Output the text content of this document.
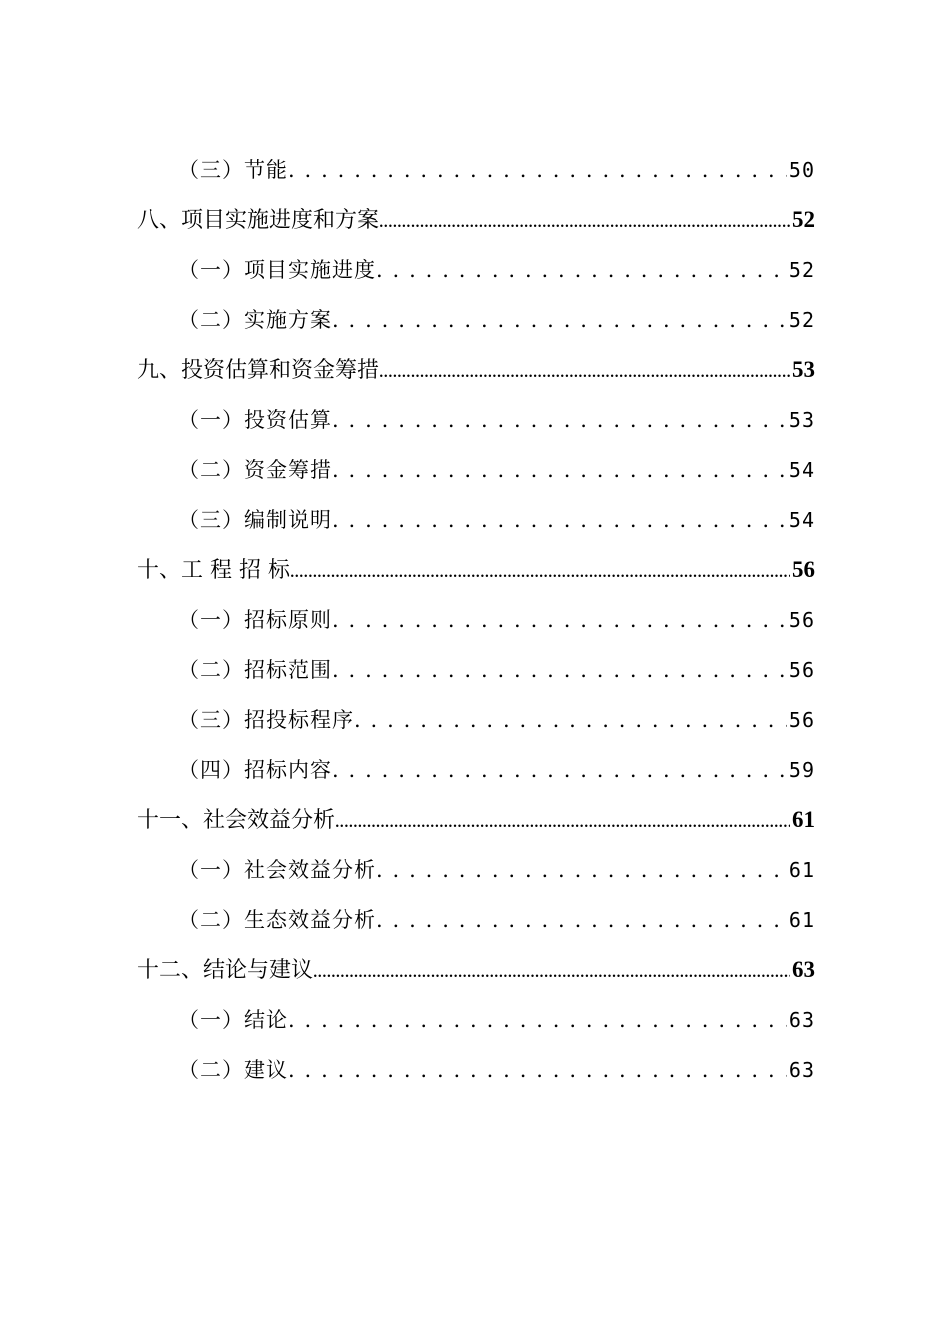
（三）节能 . . .	50
八、项目实施进度和方案 .....	52
（一）项目实施进度 . . .	52
（二）实施方案 . . .	52
九、投资估算和资金筹措 .....	53
（一）投资估算 . . .	53
（二）资金筹措 . . .	54
（三）编制说明 . . .	54
十、工 程 招 标 .....	56
（一）招标原则 . . .	56
（二）招标范围 . . .	56
（三）招投标程序 . . .	56
（四）招标内容 . . .	59
十一、社会效益分析 .....	61
（一）社会效益分析 . . .	61
（二）生态效益分析 . . .	61
十二、结论与建议 .....	63
（一）结论 . . .	63
（二）建议 . . .	63
